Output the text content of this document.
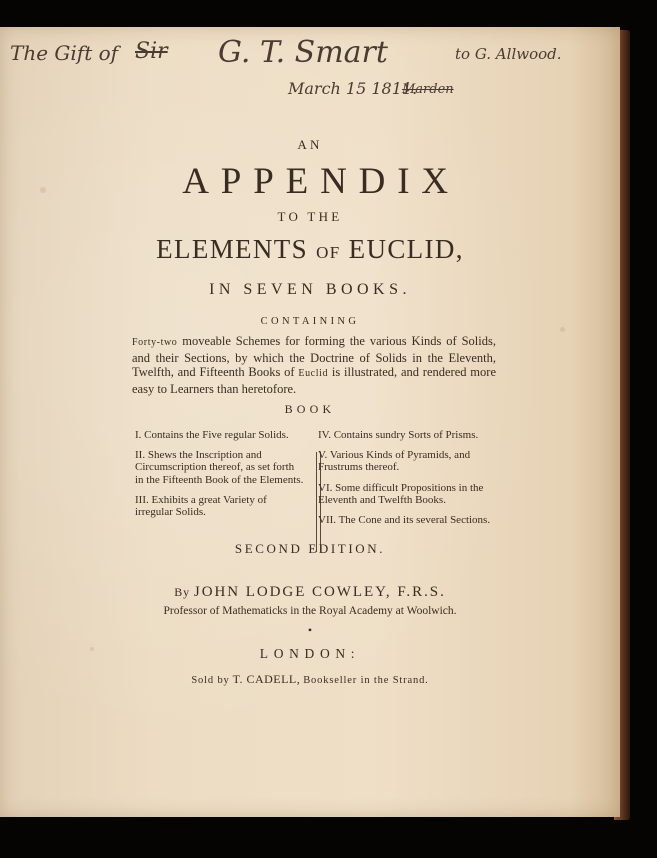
The Gift of Sir G. T. Smart	to G. Allwood.
March 15 1811.
Marden
AN
APPENDIX
TO THE
ELEMENTS OF EUCLID,
IN SEVEN BOOKS.
CONTAINING
Forty-two moveable Schemes for forming the various Kinds of Solids, and their Sections, by which the Doctrine of Solids in the Eleventh, Twelfth, and Fifteenth Books of Euclid is illustrated, and rendered more easy to Learners than heretofore.
BOOK
I. Contains the Five regular Solids.
II. Shews the Inscription and Circumscription thereof, as set forth in the Fifteenth Book of the Elements.
III. Exhibits a great Variety of irregular Solids.
IV. Contains sundry Sorts of Prisms.
V. Various Kinds of Pyramids, and Frustrums thereof.
VI. Some difficult Propositions in the Eleventh and Twelfth Books.
VII. The Cone and its several Sections.
SECOND EDITION.
By JOHN LODGE COWLEY, F.R.S.
Professor of Mathematicks in the Royal Academy at Woolwich.
•
LONDON:
Sold by T. CADELL, Bookseller in the Strand.
